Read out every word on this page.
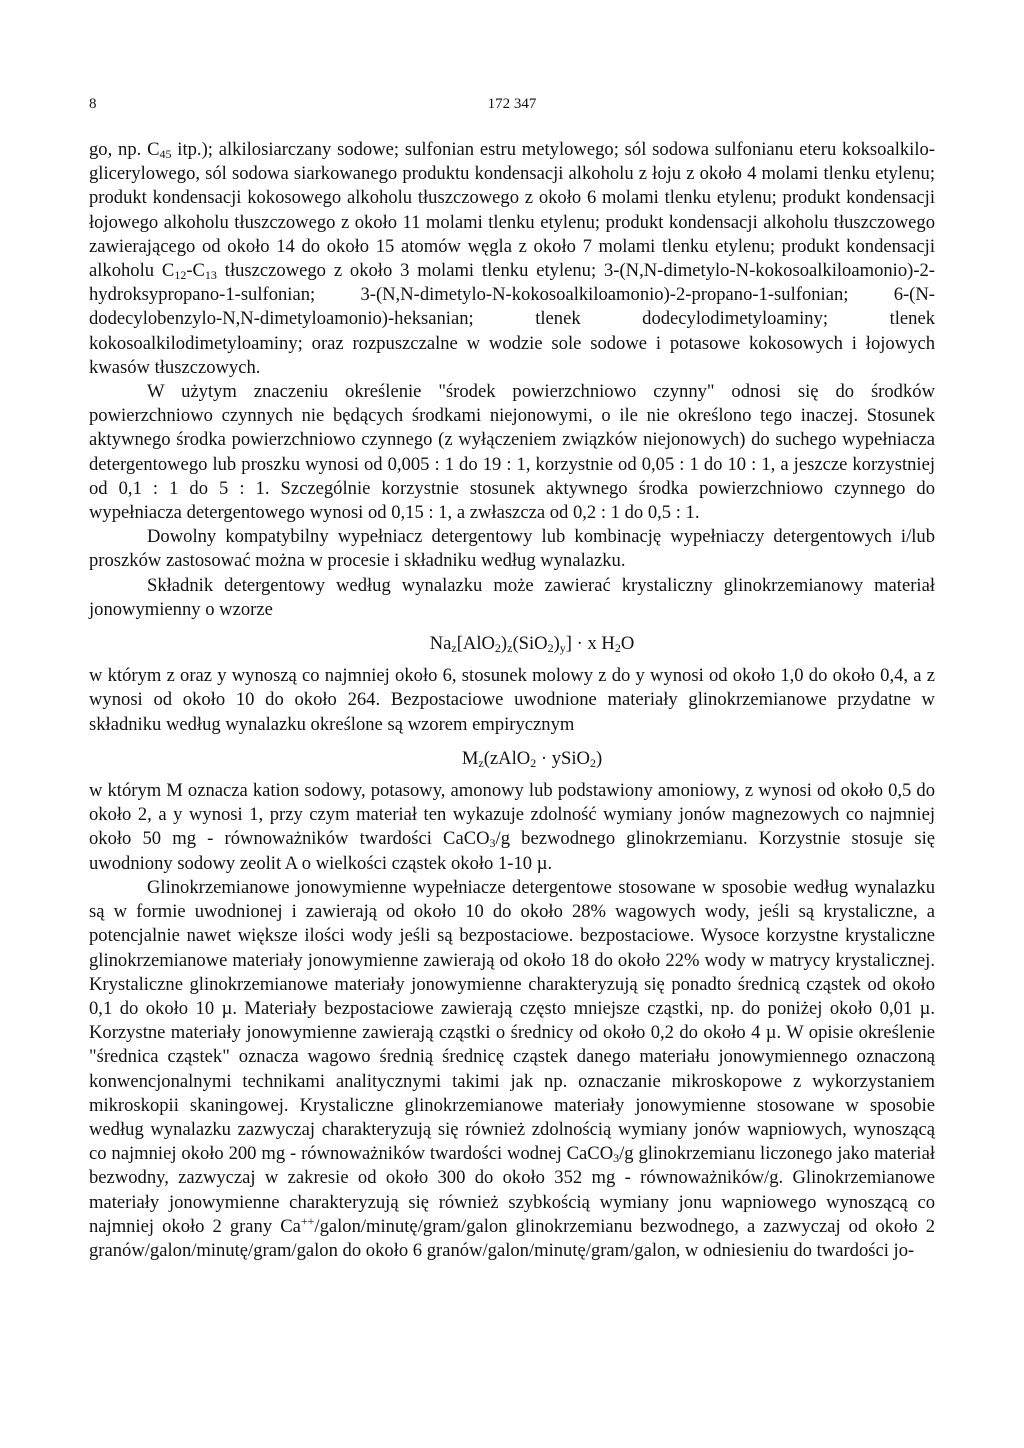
8	172 347

go, np. $C_{45}$ itp.); alkilosiarczany sodowe; sulfonian estru metylowego; sól sodowa sulfonianu eteru koksoalkilo-glicerylowego, sól sodowa siarkowanego produktu kondensacji alkoholu z łoju z około 4 molami tlenku etylenu; produkt kondensacji kokosowego alkoholu tłuszczowego z około 6 molami tlenku etylenu; produkt kondensacji łojowego alkoholu tłuszczowego z około 11 molami tlenku etylenu; produkt kondensacji alkoholu tłuszczowego zawierającego od około 14 do około 15 atomów węgla z około 7 molami tlenku etylenu; produkt kondensacji alkoholu $C_{12}-C_{13}$ tłuszczowego z około 3 molami tlenku etylenu; 3-(N,N-dimetylo-N-kokosoalkiloamonio)-2-hydroksypropano-1-sulfonian; 3-(N,N-dimetylo-N-kokosoalkiloamonio)-2-propano-1-sulfonian; 6-(N-dodecylobenzylo-N,N-dimetyloamonio)-heksanian; tlenek dodecylodimetyloaminy; tlenek kokosoalkilodimetyloaminy; oraz rozpuszczalne w wodzie sole sodowe i potasowe kokosowych i łojowych kwasów tłuszczowych.

W użytym znaczeniu określenie "środek powierzchniowo czynny" odnosi się do środków powierzchniowo czynnych nie będących środkami niejonowymi, o ile nie określono tego inaczej. Stosunek aktywnego środka powierzchniowo czynnego (z wyłączeniem związków niejonowych) do suchego wypełniacza detergentowego lub proszku wynosi od 0,005 : 1 do 19 : 1, korzystnie od 0,05 : 1 do 10 : 1, a jeszcze korzystniej od 0,1 : 1 do 5 : 1. Szczególnie korzystnie stosunek aktywnego środka powierzchniowo czynnego do wypełniacza detergentowego wynosi od 0,15 : 1, a zwłaszcza od 0,2 : 1 do 0,5 : 1.

Dowolny kompatybilny wypełniacz detergentowy lub kombinację wypełniaczy detergentowych i/lub proszków zastosować można w procesie i składniku według wynalazku.

Składnik detergentowy według wynalazku może zawierać krystaliczny glinokrzemianowy materiał jonowymienny o wzorze

$Na_z[AlO_2)_z(SiO_2)_y] \cdot x$ $H_2O$

w którym z oraz y wynoszą co najmniej około 6, stosunek molowy z do y wynosi od około 1,0 do około 0,4, a z wynosi od około 10 do około 264. Bezpostaciowe uwodnione materiały glinokrzemianowe przydatne w składniku według wynalazku określone są wzorem empirycznym

$M_z(zAlO_2$ · ySiO$_2$)

w którym M oznacza kation sodowy, potasowy, amonowy lub podstawiony amoniowy, z wynosi od około 0,5 do około 2, a y wynosi 1, przy czym materiał ten wykazuje zdolność wymiany jonów magnezowych co najmniej około 50 mg - równoważników twardości CaCO$_3$/g bezwodnego glinokrzemianu. Korzystnie stosuje się uwodniony sodowy zeolit A o wielkości cząstek około 1-10 µ.

Glinokrzemianowe jonowymienne wypełniacze detergentowe stosowane w sposobie według wynalazku są w formie uwodnionej i zawierają od około 10 do około 28% wagowych wody, jeśli są krystaliczne, a potencjalnie nawet większe ilości wody jeśli są bezpostaciowe. bezpostaciowe. Wysoce korzystne krystaliczne glinokrzemianowe materiały jonowymienne zawierają od około 18 do około 22% wody w matrycy krystalicznej. Krystaliczne glinokrzemianowe materiały jonowymienne charakteryzują się ponadto średnicą cząstek od około 0,1 do około 10 µ. Materiały bezpostaciowe zawierają często mniejsze cząstki, np. do poniżej około 0,01 µ. Korzystne materiały jonowymienne zawierają cząstki o średnicy od około 0,2 do około 4 µ. W opisie określenie "średnica cząstek" oznacza wagowo średnią średnicę cząstek danego materiału jonowymiennego oznaczoną konwencjonalnymi technikami analitycznymi takimi jak np. oznaczanie mikroskopowe z wykorzystaniem mikroskopii skaningowej. Krystaliczne glinokrzemianowe materiały jonowymienne stosowane w sposobie według wynalazku zazwyczaj charakteryzują się również zdolnością wymiany jonów wapniowych, wynoszącą co najmniej około 200 mg - równoważników twardości wodnej CaCO$_3$/g glinokrzemianu liczonego jako materiał bezwodny, zazwyczaj w zakresie od około 300 do około 352 mg - równoważników/g. Glinokrzemianowe materiały jonowymienne charakteryzują się również szybkością wymiany jonu wapniowego wynoszącą co najmniej około 2 grany Ca++/galon/minutę/gram/galon glinokrzemianu bezwodnego, a zazwyczaj od około 2 granów/galon/minutę/gram/galon do około 6 granów/galon/minutę/gram/galon, w odniesieniu do twardości jo-
